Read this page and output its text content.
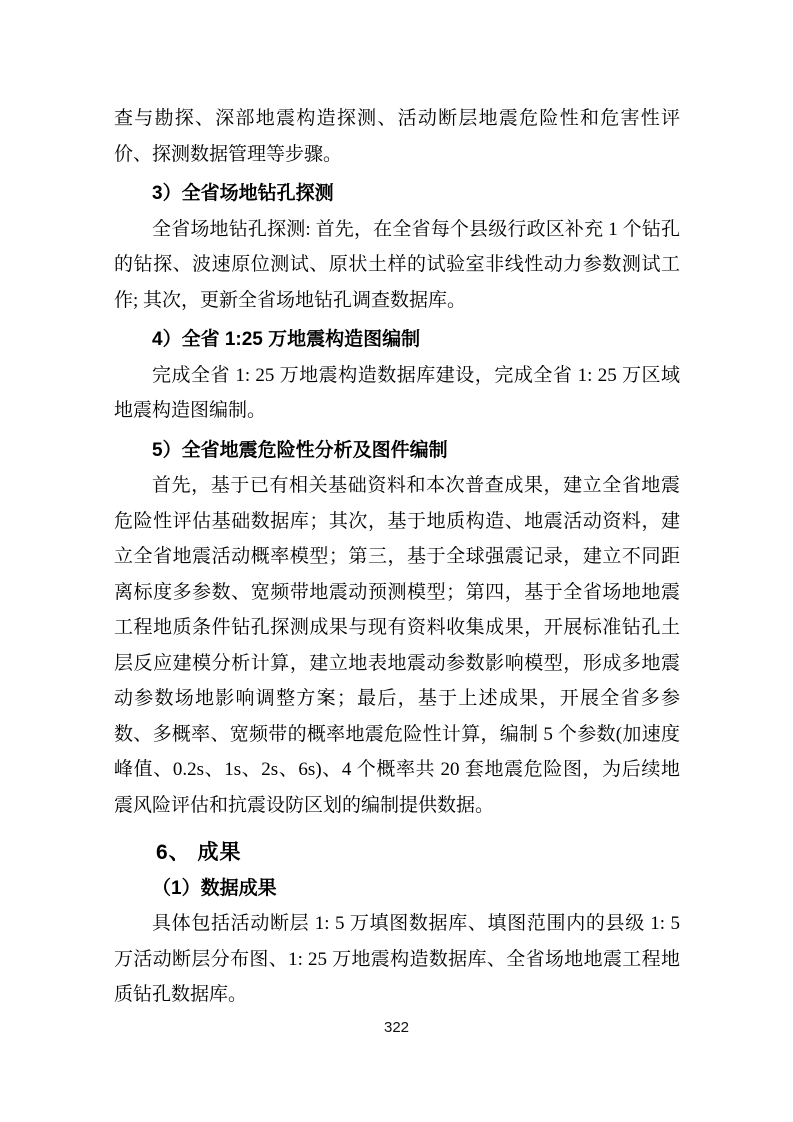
查与勘探、深部地震构造探测、活动断层地震危险性和危害性评价、探测数据管理等步骤。

3）全省场地钻孔探测

全省场地钻孔探测: 首先，在全省每个县级行政区补充 1 个钻孔的钻探、波速原位测试、原状土样的试验室非线性动力参数测试工作; 其次，更新全省场地钻孔调查数据库。

4）全省 1:25 万地震构造图编制

完成全省 1: 25 万地震构造数据库建设，完成全省 1: 25 万区域地震构造图编制。

5）全省地震危险性分析及图件编制

首先，基于已有相关基础资料和本次普查成果，建立全省地震危险性评估基础数据库；其次，基于地质构造、地震活动资料，建立全省地震活动概率模型；第三，基于全球强震记录，建立不同距离标度多参数、宽频带地震动预测模型；第四，基于全省场地地震工程地质条件钻孔探测成果与现有资料收集成果，开展标准钻孔土层反应建模分析计算，建立地表地震动参数影响模型，形成多地震动参数场地影响调整方案；最后，基于上述成果，开展全省多参数、多概率、宽频带的概率地震危险性计算，编制 5 个参数(加速度峰值、0.2s、1s、2s、6s)、4 个概率共 20 套地震危险图，为后续地震风险评估和抗震设防区划的编制提供数据。

6、 成果

（1）数据成果

具体包括活动断层 1: 5 万填图数据库、填图范围内的县级 1: 5 万活动断层分布图、1: 25 万地震构造数据库、全省场地地震工程地质钻孔数据库。

322
